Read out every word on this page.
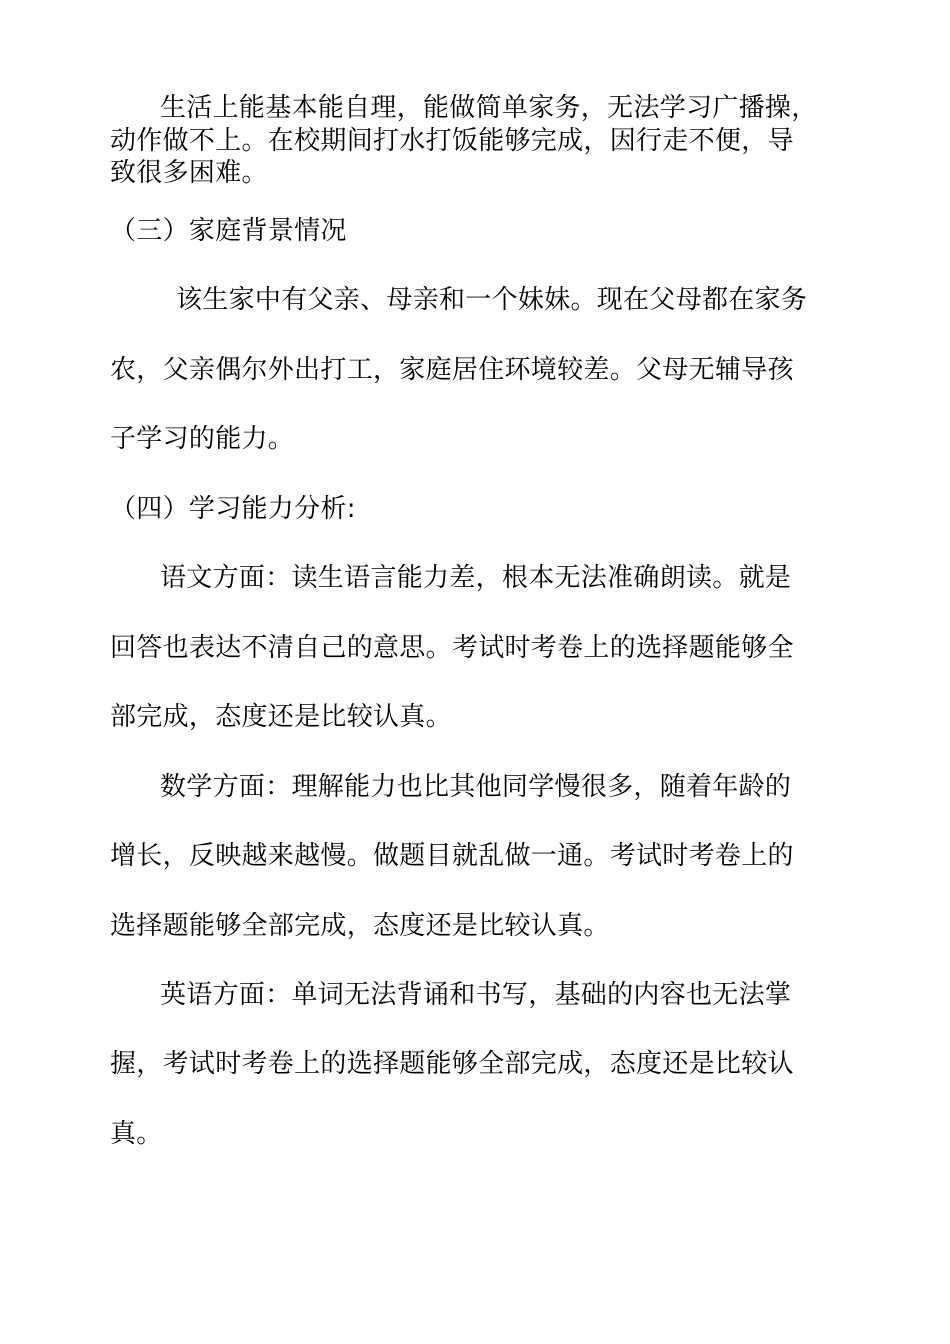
生活上能基本能自理，能做简单家务，无法学习广播操，
动作做不上。在校期间打水打饭能够完成，因行走不便，导
致很多困难。
（三）家庭背景情况
该生家中有父亲、母亲和一个妹妹。现在父母都在家务
农，父亲偶尔外出打工，家庭居住环境较差。父母无辅导孩
子学习的能力。
（四）学习能力分析:
语文方面：读生语言能力差，根本无法准确朗读。就是
回答也表达不清自己的意思。考试时考卷上的选择题能够全
部完成，态度还是比较认真。
数学方面：理解能力也比其他同学慢很多，随着年龄的
增长，反映越来越慢。做题目就乱做一通。考试时考卷上的
选择题能够全部完成，态度还是比较认真。
英语方面：单词无法背诵和书写，基础的内容也无法掌
握，考试时考卷上的选择题能够全部完成，态度还是比较认
真。
